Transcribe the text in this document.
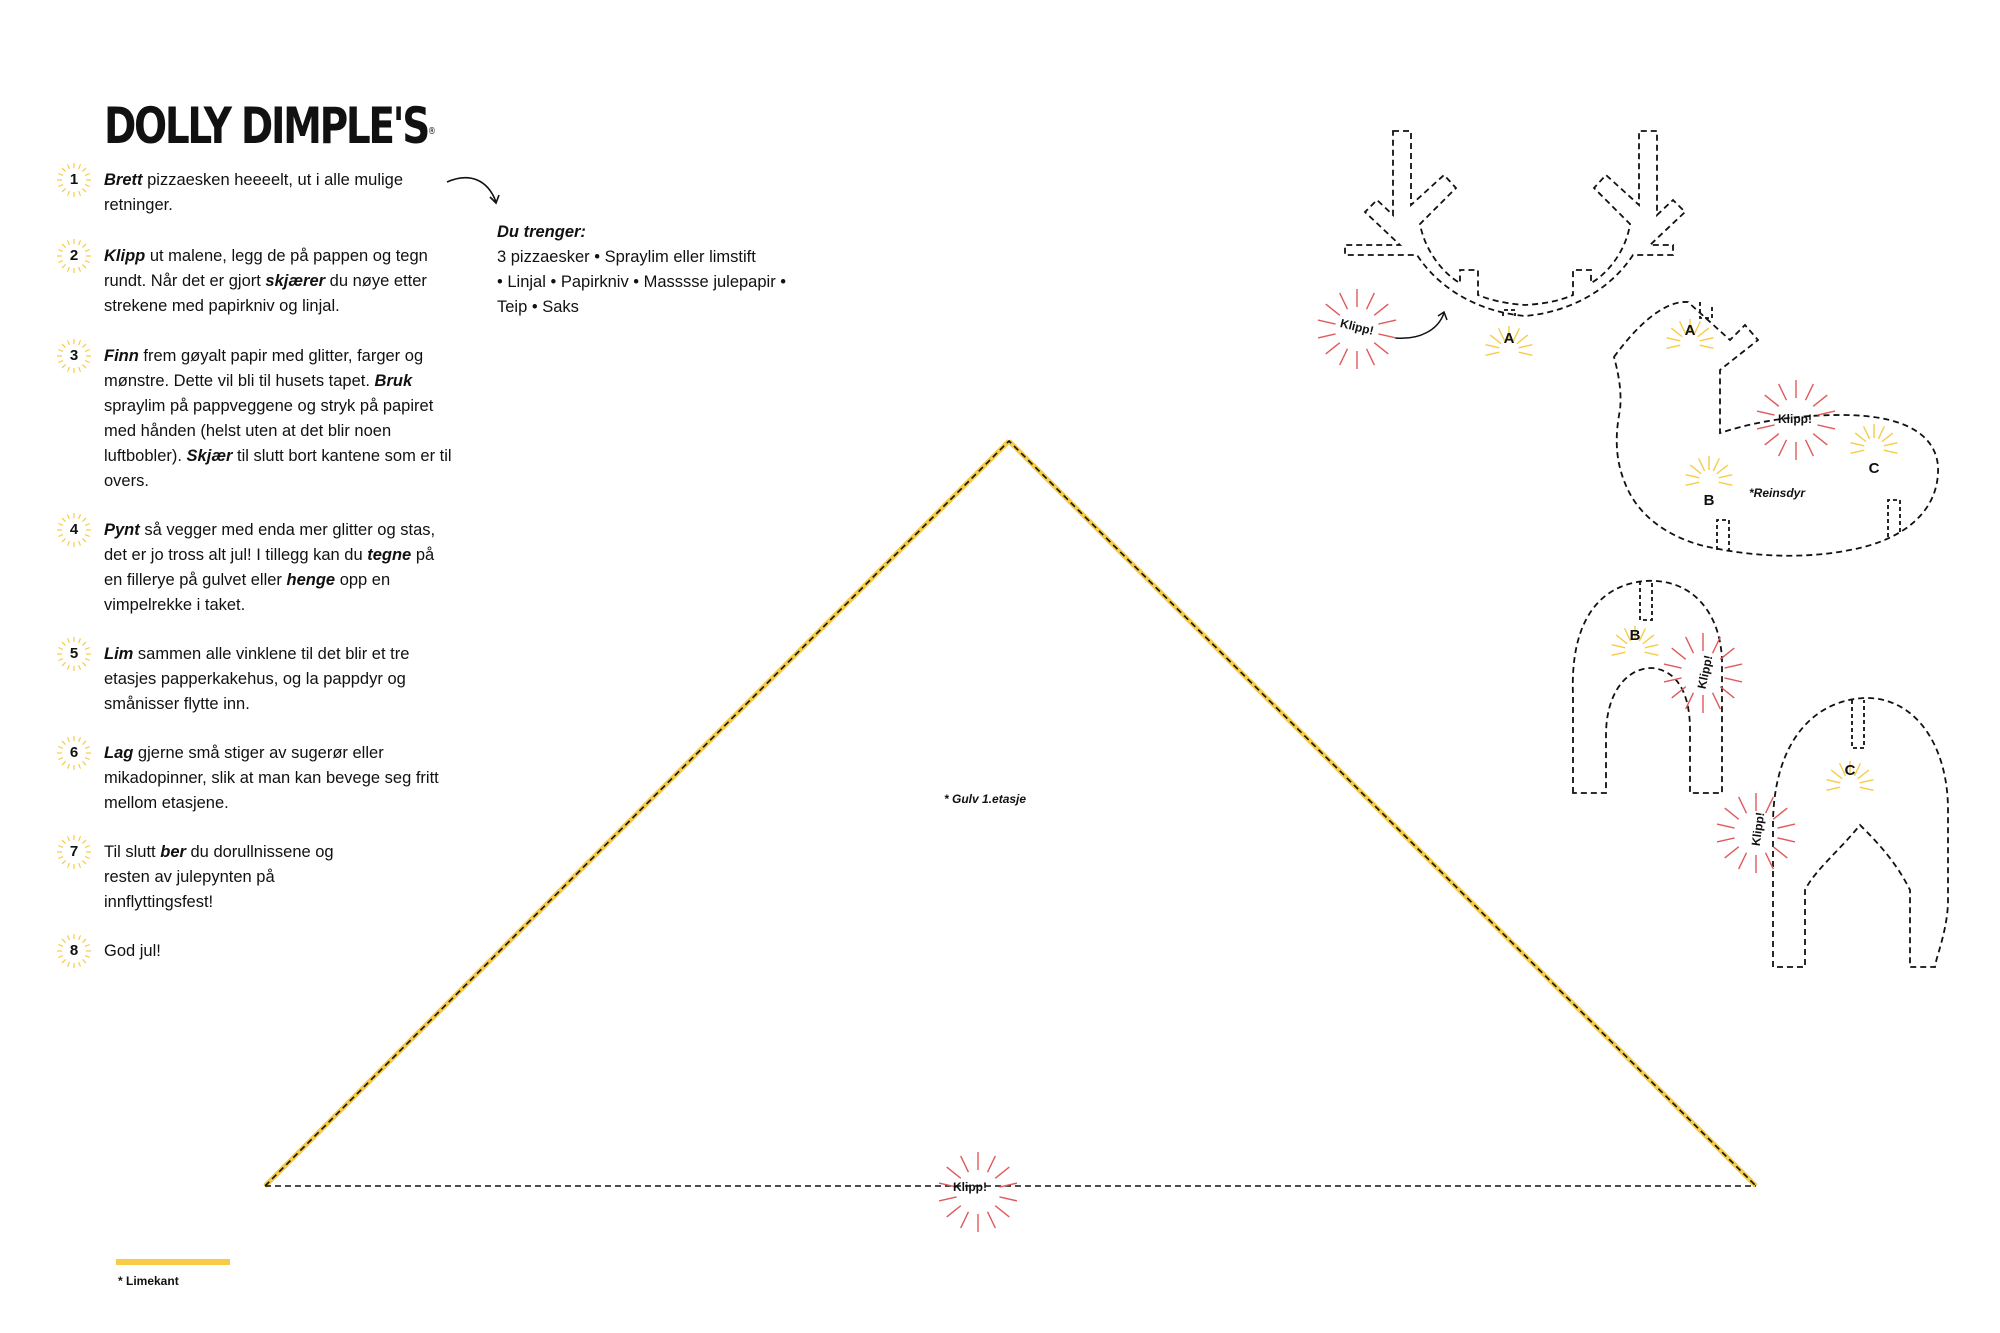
DOLLY DIMPLE'S®
1	Brett pizzaesken heeeelt, ut i alle mulige retninger.
2	Klipp ut malene, legg de på pappen og tegn rundt. Når det er gjort skjærer du nøye etter strekene med papirkniv og linjal.
3	Finn frem gøyalt papir med glitter, farger og mønstre. Dette vil bli til husets tapet. Bruk spraylim på pappveggene og stryk på papiret med hånden (helst uten at det blir noen luftbobler). Skjær til slutt bort kantene som er til overs.
4	Pynt så vegger med enda mer glitter og stas, det er jo tross alt jul! I tillegg kan du tegne på en fillerye på gulvet eller henge opp en vimpelrekke i taket.
5	Lim sammen alle vinklene til det blir et tre etasjes papperkakehus, og la pappdyr og smånisser flytte inn.
6	Lag gjerne små stiger av sugerør eller mikadopinner, slik at man kan bevege seg fritt mellom etasjene.
7	Til slutt ber du dorullnissene og resten av julepynten på innflyttingsfest!
8	God jul!
Du trenger:
3 pizzaesker • Spraylim eller limstift
• Linjal • Papirkniv • Masssse julepapir •
Teip • Saks
* Gulv 1.etasje
*Reinsdyr
A	A
B
C
B
C
Klipp!
Klipp!
Klipp!
Klipp!
Klipp!
* Limekant
